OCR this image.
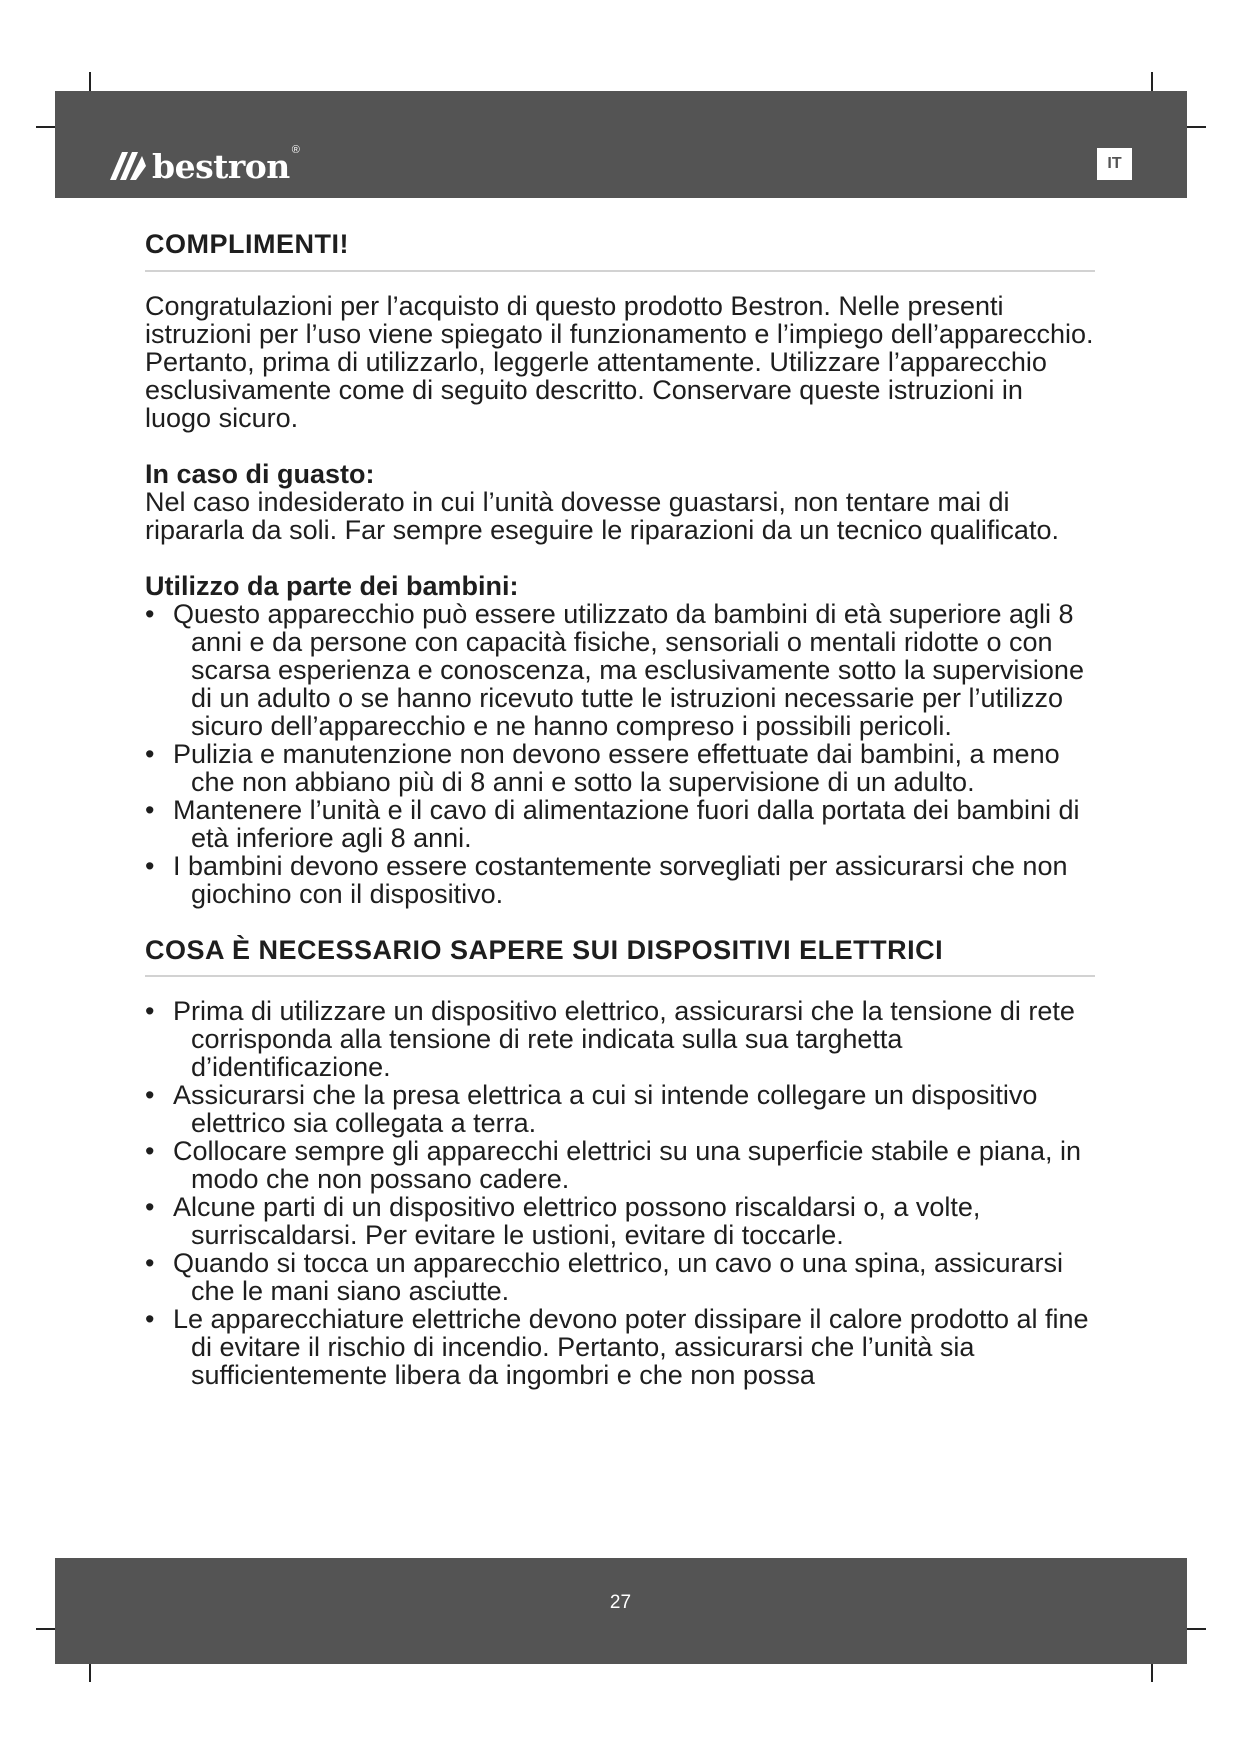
bestron ®
IT
COMPLIMENTI!

Congratulazioni per l’acquisto di questo prodotto Bestron. Nelle presenti istruzioni per l’uso viene spiegato il funzionamento e l’impiego dell’apparecchio. Pertanto, prima di utilizzarlo, leggerle attentamente. Utilizzare l’apparecchio esclusivamente come di seguito descritto. Conservare queste istruzioni in luogo sicuro.

In caso di guasto:

Nel caso indesiderato in cui l’unità dovesse guastarsi, non tentare mai di ripararla da soli. Far sempre eseguire le riparazioni da un tecnico qualificato.

Utilizzo da parte dei bambini:
• Questo apparecchio può essere utilizzato da bambini di età superiore agli 8 anni e da persone con capacità fisiche, sensoriali o mentali ridotte o con scarsa esperienza e conoscenza, ma esclusivamente sotto la supervisione di un adulto o se hanno ricevuto tutte le istruzioni necessarie per l’utilizzo sicuro dell’apparecchio e ne hanno compreso i possibili pericoli.
• Pulizia e manutenzione non devono essere effettuate dai bambini, a meno che non abbiano più di 8 anni e sotto la supervisione di un adulto.
• Mantenere l’unità e il cavo di alimentazione fuori dalla portata dei bambini di età inferiore agli 8 anni.
• I bambini devono essere costantemente sorvegliati per assicurarsi che non giochino con il dispositivo.
COSA È NECESSARIO SAPERE SUI DISPOSITIVI ELETTRICI
• Prima di utilizzare un dispositivo elettrico, assicurarsi che la tensione di rete corrisponda alla tensione di rete indicata sulla sua targhetta d’identificazione.
• Assicurarsi che la presa elettrica a cui si intende collegare un dispositivo elettrico sia collegata a terra.
• Collocare sempre gli apparecchi elettrici su una superficie stabile e piana, in modo che non possano cadere.
• Alcune parti di un dispositivo elettrico possono riscaldarsi o, a volte, surriscaldarsi. Per evitare le ustioni, evitare di toccarle.
• Quando si tocca un apparecchio elettrico, un cavo o una spina, assicurarsi che le mani siano asciutte.
• Le apparecchiature elettriche devono poter dissipare il calore prodotto al fine di evitare il rischio di incendio. Pertanto, assicurarsi che l’unità sia sufficientemente libera da ingombri e che non possa
27
